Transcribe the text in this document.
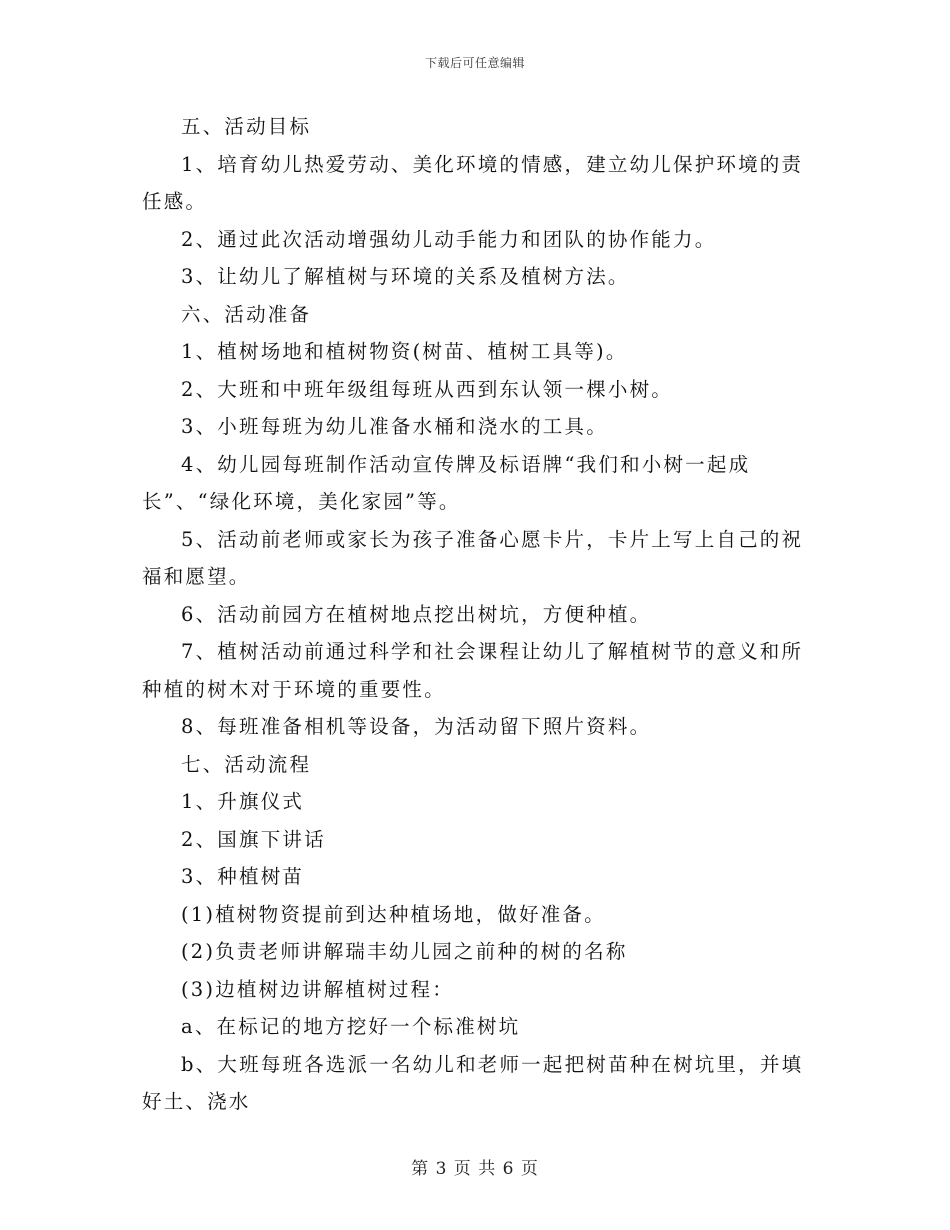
下载后可任意编辑

五、活动目标

1、培育幼儿热爱劳动、美化环境的情感，建立幼儿保护环境的责任感。

2、通过此次活动增强幼儿动手能力和团队的协作能力。

3、让幼儿了解植树与环境的关系及植树方法。

六、活动准备

1、植树场地和植树物资(树苗、植树工具等)。

2、大班和中班年级组每班从西到东认领一棵小树。

3、小班每班为幼儿准备水桶和浇水的工具。

4、幼儿园每班制作活动宣传牌及标语牌“我们和小树一起成长”、“绿化环境，美化家园”等。

5、活动前老师或家长为孩子准备心愿卡片，卡片上写上自己的祝福和愿望。

6、活动前园方在植树地点挖出树坑，方便种植。

7、植树活动前通过科学和社会课程让幼儿了解植树节的意义和所种植的树木对于环境的重要性。

8、每班准备相机等设备，为活动留下照片资料。

七、活动流程

1、升旗仪式

2、国旗下讲话

3、种植树苗

(1)植树物资提前到达种植场地，做好准备。

(2)负责老师讲解瑞丰幼儿园之前种的树的名称

(3)边植树边讲解植树过程：

a、在标记的地方挖好一个标准树坑

b、大班每班各选派一名幼儿和老师一起把树苗种在树坑里，并填好土、浇水

第 3 页 共 6 页
